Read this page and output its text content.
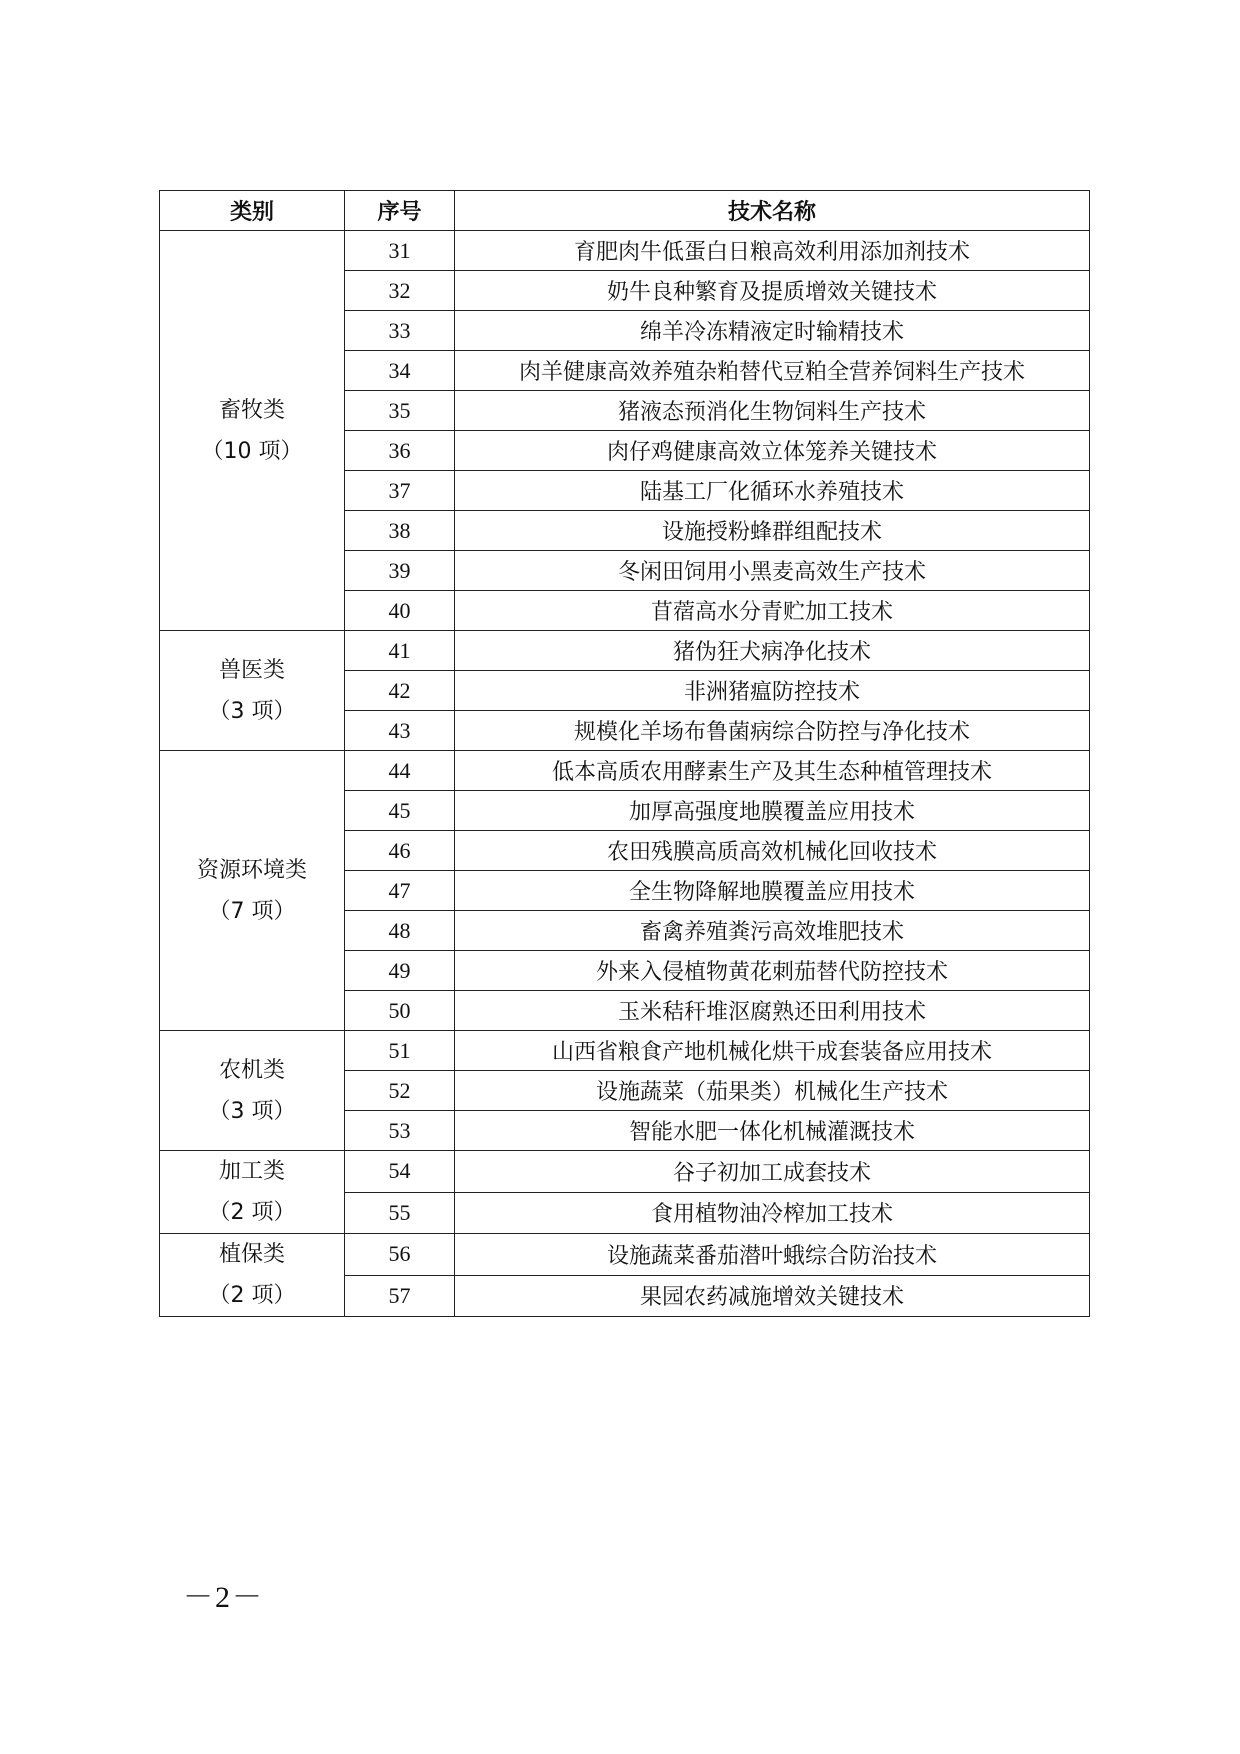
类别	序号	技术名称

畜牧类
（10 项）	31	育肥肉牛低蛋白日粮高效利用添加剂技术
	32	奶牛良种繁育及提质增效关键技术
	33	绵羊冷冻精液定时输精技术
	34	肉羊健康高效养殖杂粕替代豆粕全营养饲料生产技术
	35	猪液态预消化生物饲料生产技术
	36	肉仔鸡健康高效立体笼养关键技术
	37	陆基工厂化循环水养殖技术
	38	设施授粉蜂群组配技术
	39	冬闲田饲用小黑麦高效生产技术
	40	苜蓿高水分青贮加工技术

兽医类
（3 项）	41	猪伪狂犬病净化技术
	42	非洲猪瘟防控技术
	43	规模化羊场布鲁菌病综合防控与净化技术

资源环境类
（7 项）	44	低本高质农用酵素生产及其生态种植管理技术
	45	加厚高强度地膜覆盖应用技术
	46	农田残膜高质高效机械化回收技术
	47	全生物降解地膜覆盖应用技术
	48	畜禽养殖粪污高效堆肥技术
	49	外来入侵植物黄花刺茄替代防控技术
	50	玉米秸秆堆沤腐熟还田利用技术

农机类
（3 项）	51	山西省粮食产地机械化烘干成套装备应用技术
	52	设施蔬菜（茄果类）机械化生产技术
	53	智能水肥一体化机械灌溉技术

加工类
（2 项）	54	谷子初加工成套技术
	55	食用植物油冷榨加工技术

植保类
（2 项）	56	设施蔬菜番茄潜叶蛾综合防治技术
	57	果园农药减施增效关键技术
－2－
